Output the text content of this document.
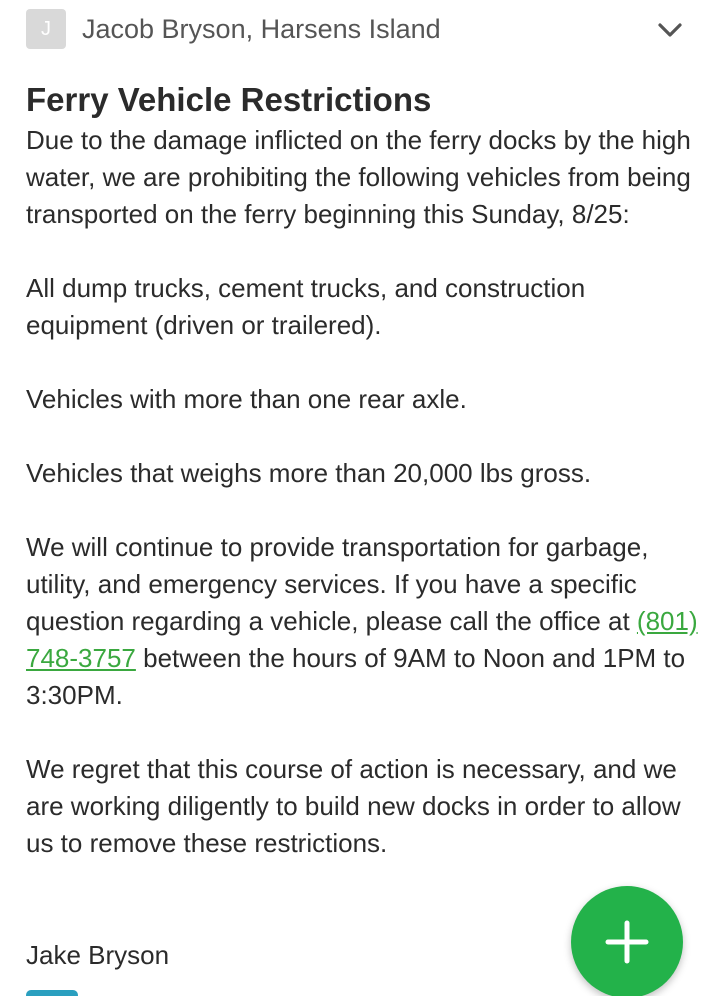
J	Jacob Bryson, Harsens Island
Ferry Vehicle Restrictions

Due to the damage inflicted on the ferry docks by the high water, we are prohibiting the following vehicles from being transported on the ferry beginning this Sunday, 8/25:

All dump trucks, cement trucks, and construction equipment (driven or trailered).

Vehicles with more than one rear axle.

Vehicles that weighs more than 20,000 lbs gross.

We will continue to provide transportation for garbage, utility, and emergency services. If you have a specific question regarding a vehicle, please call the office at (801) 748-3757 between the hours of 9AM to Noon and 1PM to 3:30PM.

We regret that this course of action is necessary, and we are working diligently to build new docks in order to allow us to remove these restrictions.

Jake Bryson
